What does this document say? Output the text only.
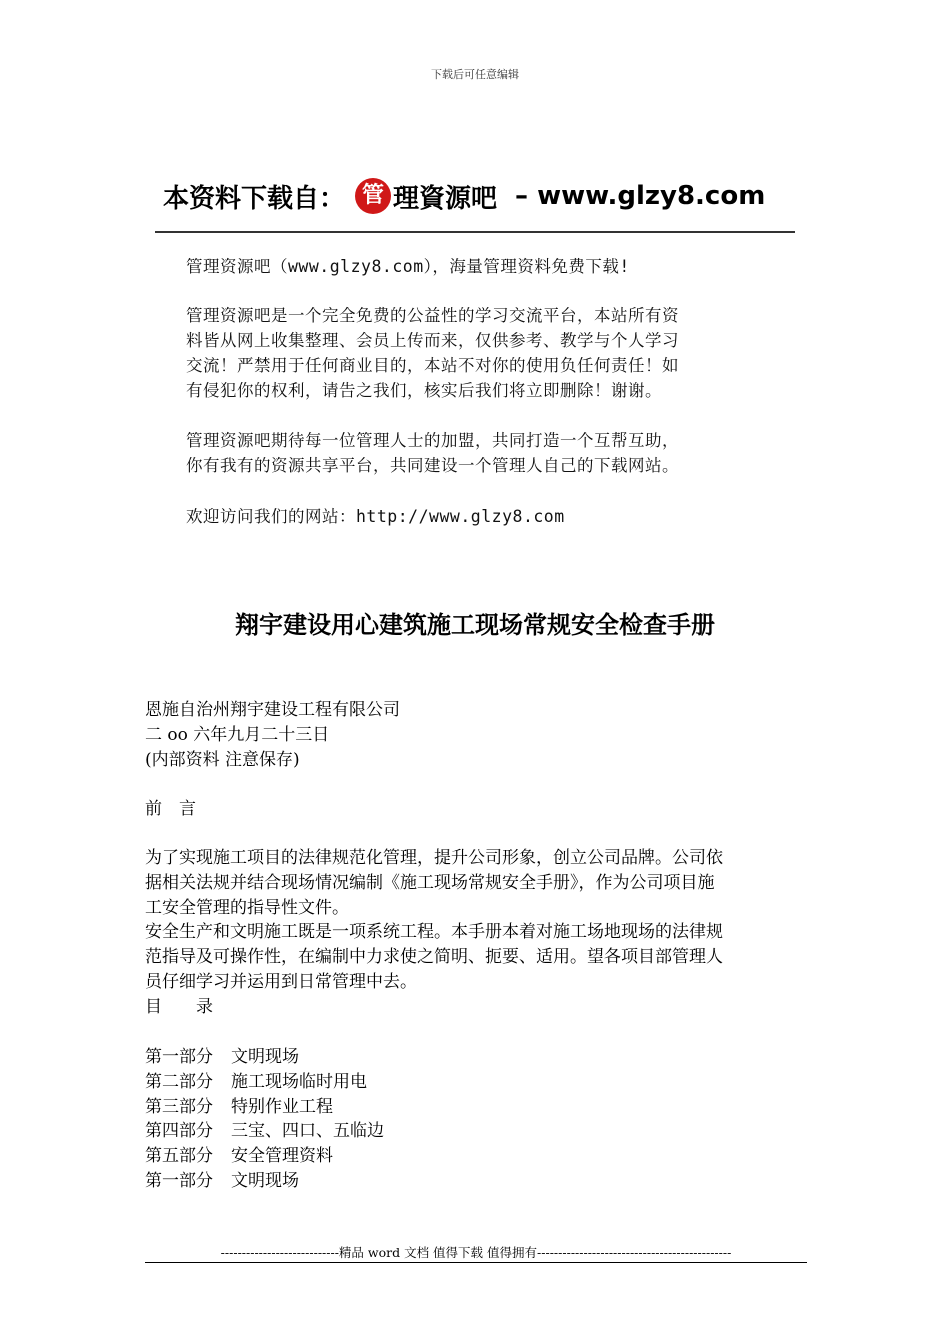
下载后可任意编辑
本资料下载自： 管 理資源吧 – www.glzy8.com

管理资源吧（www.glzy8.com），海量管理资料免费下载!

管理资源吧是一个完全免费的公益性的学习交流平台，本站所有资

料皆从网上收集整理、会员上传而来，仅供参考、教学与个人学习

交流！严禁用于任何商业目的，本站不对你的使用负任何责任！如

有侵犯你的权利，请告之我们，核实后我们将立即删除！谢谢。

管理资源吧期待每一位管理人士的加盟，共同打造一个互帮互助，

你有我有的资源共享平台，共同建设一个管理人自己的下载网站。

欢迎访问我们的网站：http://www.glzy8.com

翔宇建设用心建筑施工现场常规安全检查手册

恩施自治州翔宇建设工程有限公司

二 oo 六年九月二十三日

(内部资料 注意保存)

前　言

为了实现施工项目的法律规范化管理，提升公司形象，创立公司品牌。公司依

据相关法规并结合现场情况编制《施工现场常规安全手册》，作为公司项目施

工安全管理的指导性文件。

安全生产和文明施工既是一项系统工程。本手册本着对施工场地现场的法律规

范指导及可操作性，在编制中力求使之简明、扼要、适用。望各项目部管理人

员仔细学习并运用到日常管理中去。

目　　录

第一部分	文明现场
第二部分	施工现场临时用电
第三部分	特别作业工程
第四部分	三宝、四口、五临边
第五部分	安全管理资料
第一部分	文明现场
----------------------------精品 word 文档 值得下载 值得拥有----------------------------------------------
